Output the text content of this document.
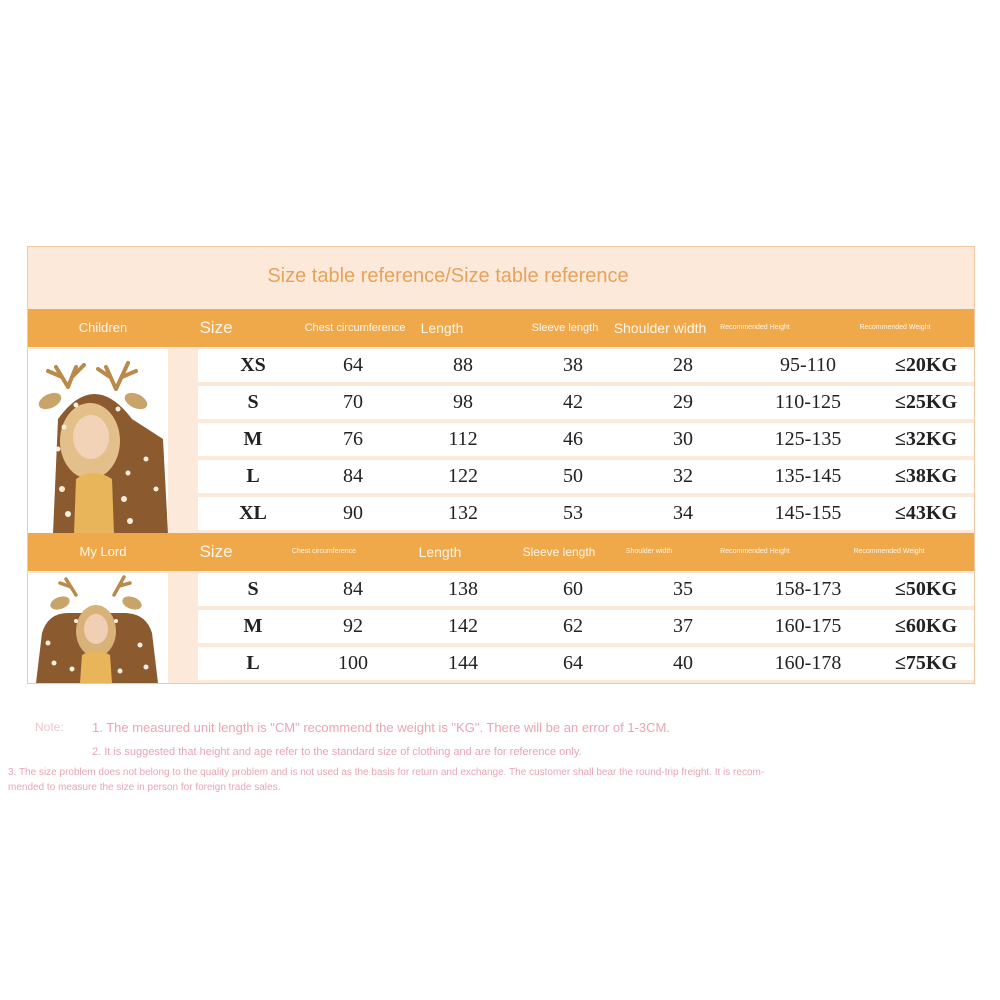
Size table reference/Size table reference
Children	Size	Chest circumference	Length	Sleeve length	Shoulder width	Recommended Height	Recommended Weight
XS	64	88	38	28	95-110	≤20KG
S	70	98	42	29	110-125	≤25KG
M	76	112	46	30	125-135	≤32KG
L	84	122	50	32	135-145	≤38KG
XL	90	132	53	34	145-155	≤43KG
My Lord	Size	Chest circumference	Length	Sleeve length	Shoulder width	Recommended Height	Recommended Weight
S	84	138	60	35	158-173	≤50KG
M	92	142	62	37	160-175	≤60KG
L	100	144	64	40	160-178	≤75KG
Note: 1. The measured unit length is "CM" recommend the weight is "KG". There will be an error of 1-3CM.
2. It is suggested that height and age refer to the standard size of clothing and are for reference only.
3. The size problem does not belong to the quality problem and is not used as the basis for return and exchange. The customer shall bear the round-trip freight. It is recom-
mended to measure the size in person for foreign trade sales.
